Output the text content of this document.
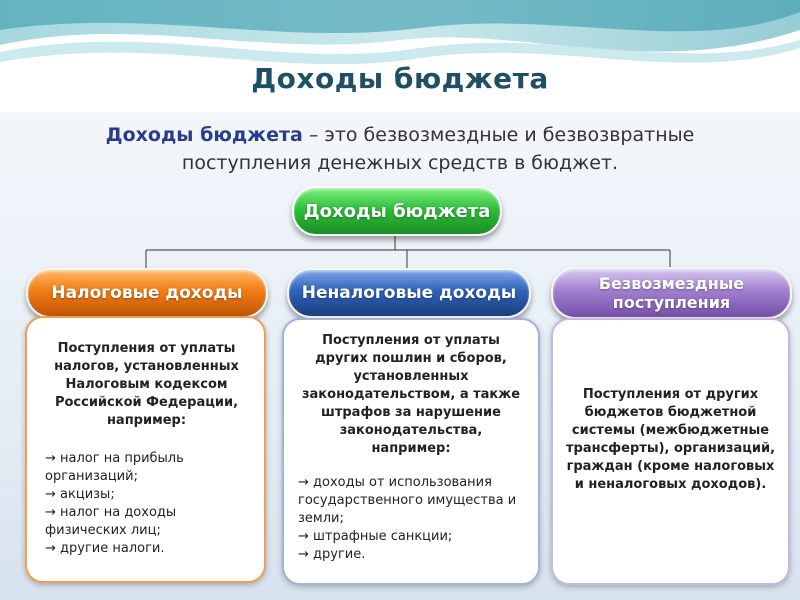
Доходы бюджета
Доходы бюджета – это безвозмездные и безвозвратные поступления денежных средств в бюджет.
Доходы бюджета
Налоговые доходы	Неналоговые доходы	Безвозмездные поступления
Поступления от уплаты налогов, установленных Налоговым кодексом Российской Федерации, например:
→ налог на прибыль организаций;
→ акцизы;
→ налог на доходы физических лиц;
→ другие налоги.
Поступления от уплаты других пошлин и сборов, установленных законодательством, а также штрафов за нарушение законодательства, например:
→ доходы от использования государственного имущества и земли;
→ штрафные санкции;
→ другие.
Поступления от других бюджетов бюджетной системы (межбюджетные трансферты), организаций, граждан (кроме налоговых и неналоговых доходов).
